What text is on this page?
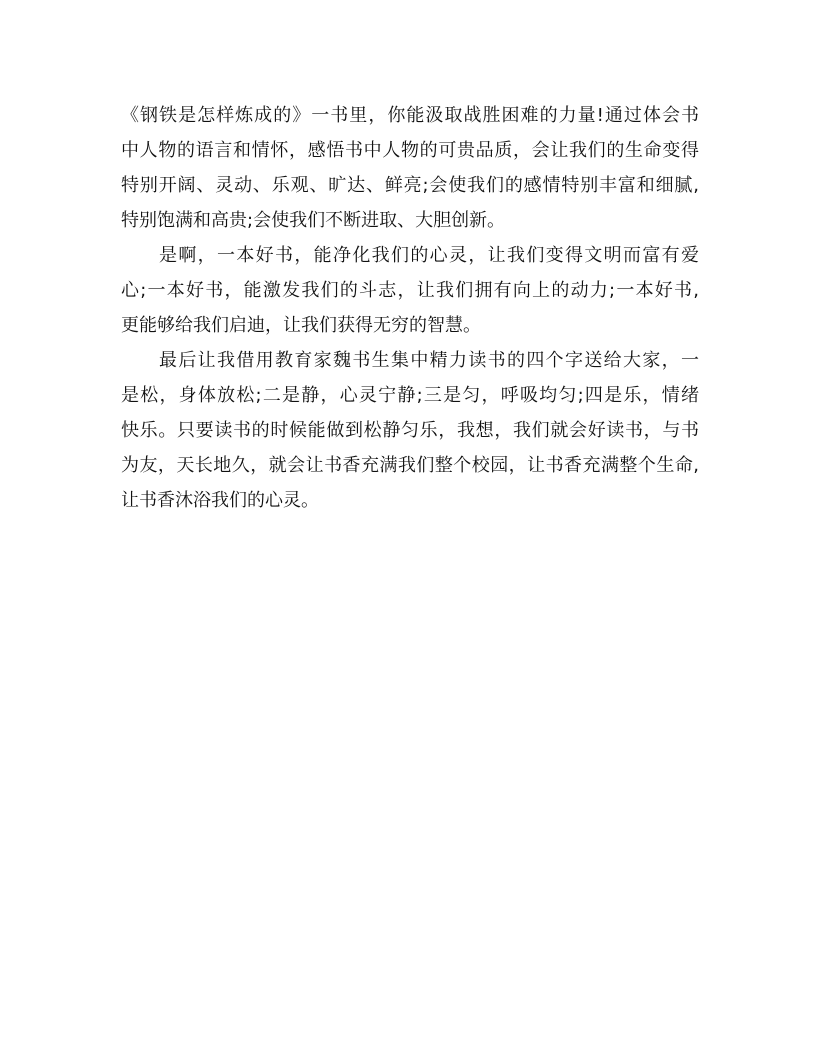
《钢铁是怎样炼成的》一书里，你能汲取战胜困难的力量!通过体会书
中人物的语言和情怀，感悟书中人物的可贵品质，会让我们的生命变得
特别开阔、灵动、乐观、旷达、鲜亮;会使我们的感情特别丰富和细腻,
特别饱满和高贵;会使我们不断进取、大胆创新。

是啊，一本好书，能净化我们的心灵，让我们变得文明而富有爱
心;一本好书，能激发我们的斗志，让我们拥有向上的动力;一本好书,
更能够给我们启迪，让我们获得无穷的智慧。

最后让我借用教育家魏书生集中精力读书的四个字送给大家，一
是松，身体放松;二是静，心灵宁静;三是匀，呼吸均匀;四是乐，情绪
快乐。只要读书的时候能做到松静匀乐，我想，我们就会好读书，与书
为友，天长地久，就会让书香充满我们整个校园，让书香充满整个生命,
让书香沐浴我们的心灵。
